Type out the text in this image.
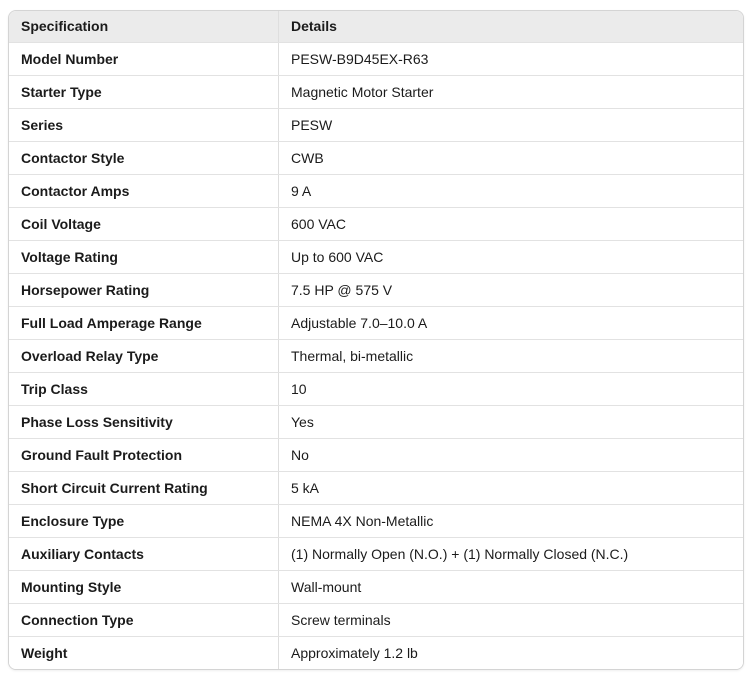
Specification	Details
Model Number	PESW-B9D45EX-R63
Starter Type	Magnetic Motor Starter
Series	PESW
Contactor Style	CWB
Contactor Amps	9 A
Coil Voltage	600 VAC
Voltage Rating	Up to 600 VAC
Horsepower Rating	7.5 HP @ 575 V
Full Load Amperage Range	Adjustable 7.0–10.0 A
Overload Relay Type	Thermal, bi-metallic
Trip Class	10
Phase Loss Sensitivity	Yes
Ground Fault Protection	No
Short Circuit Current Rating	5 kA
Enclosure Type	NEMA 4X Non-Metallic
Auxiliary Contacts	(1) Normally Open (N.O.) + (1) Normally Closed (N.C.)
Mounting Style	Wall-mount
Connection Type	Screw terminals
Weight	Approximately 1.2 lb
